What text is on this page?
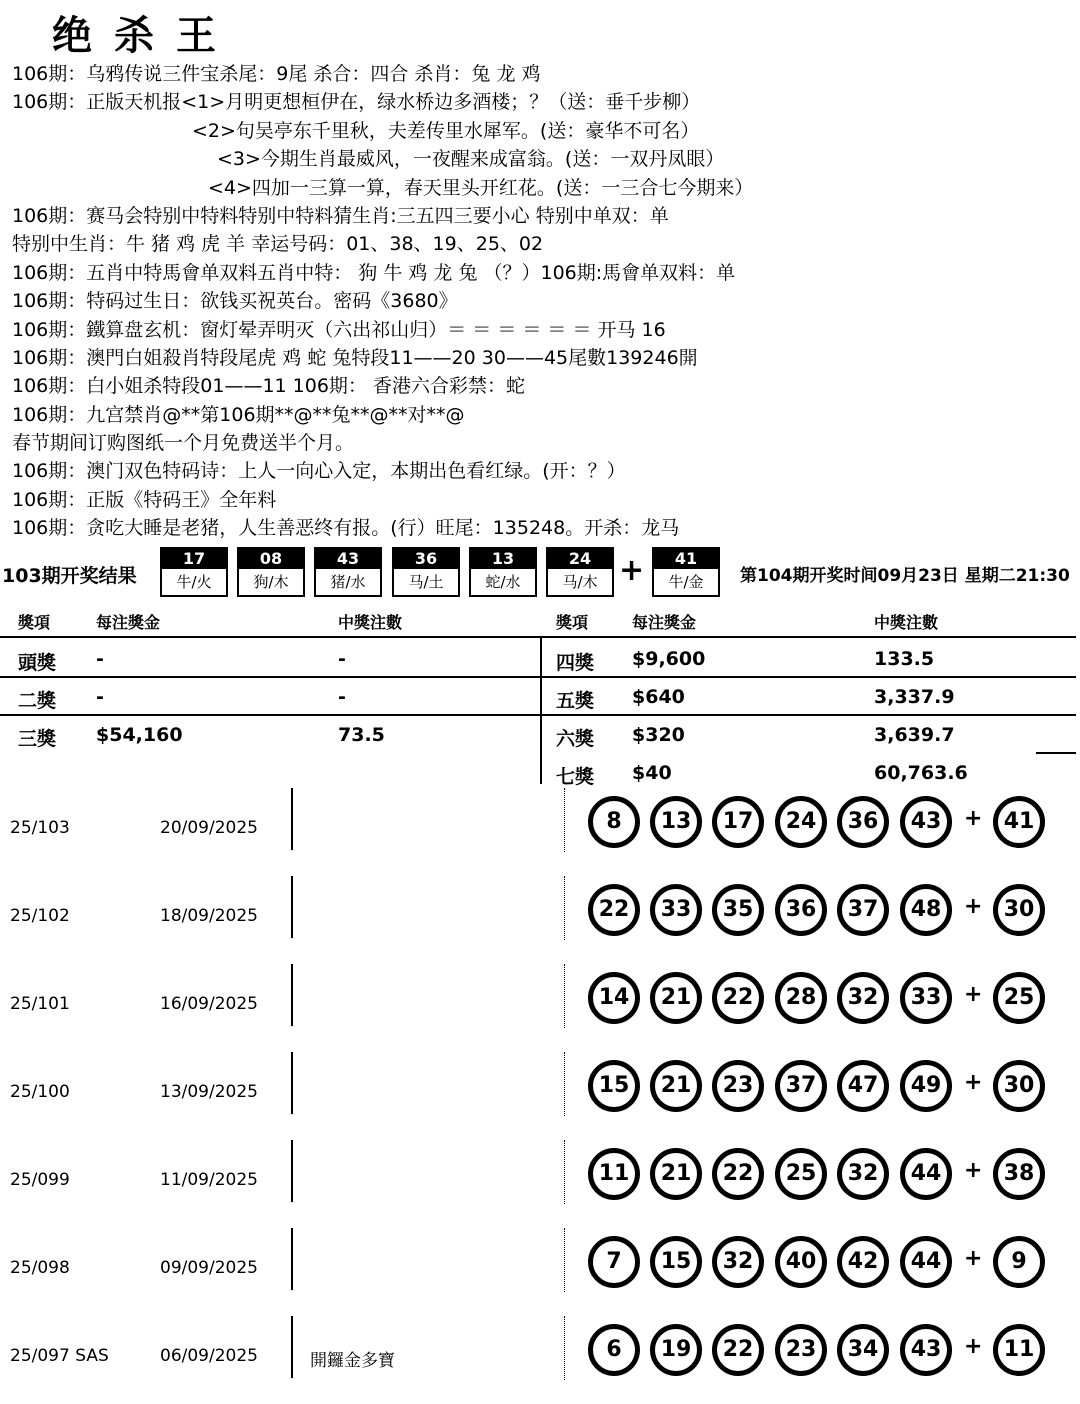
绝杀王
106期：乌鸦传说三件宝杀尾：9尾 杀合：四合 杀肖：兔 龙 鸡
106期：正版天机报<1>月明更想桓伊在，绿水桥边多酒楼；？（送：垂千步柳）
<2>句吴亭东千里秋，夫差传里水犀军。(送：豪华不可名）
<3>今期生肖最威风，一夜醒来成富翁。(送：一双丹凤眼）
<4>四加一三算一算，春天里头开红花。(送：一三合七今期来）
106期：赛马会特别中特料特别中特料猜生肖:三五四三要小心 特别中单双：单
特别中生肖：牛 猪 鸡 虎 羊 幸运号码：01、38、19、25、02
106期：五肖中特馬會单双料五肖中特： 狗 牛 鸡 龙 兔 （？）106期:馬會单双料：单
106期：特码过生日：欲钱买祝英台。密码《3680》
106期：鐵算盘玄机：窗灯晕弄明灭（六出祁山归）＝ ＝ ＝ ＝ ＝ ＝ 开马 16
106期：澳門白姐殺肖特段尾虎 鸡 蛇 兔特段11——20 30——45尾數139246開
106期：白小姐杀特段01——11 106期： 香港六合彩禁：蛇
106期：九宫禁肖@**第106期**@**兔**@**对**@
春节期间订购图纸一个月免费送半个月。
106期：澳门双色特码诗：上人一向心入定，本期出色看红绿。(开：？）
106期：正版《特码王》全年料
106期：贪吃大睡是老猪，人生善恶终有报。(行）旺尾：135248。开杀：龙马
103期开奖结果
17
牛/火
08
狗/木
43
猪/水
36
马/土
13
蛇/水
24
马/木 +	41
牛/金	第104期开奖时间09月23日 星期二21:30
獎項	每注獎金	中獎注數	獎項	每注獎金	中獎注數
頭獎 -	-
二獎 -	-
三獎 $54,160	73.5
四獎 $9,600	133.5
五獎 $640	3,337.9
六獎 $320	3,639.7
七獎 $40	60,763.6
25/103	20/09/2025	8	13	17	24	36	43	+ 41
25/102	18/09/2025	22	33	35	36	37	48	+ 30
25/101	16/09/2025	14	21	22	28	32	33	+ 25
25/100	13/09/2025	15	21	23	37	47	49	+ 30
25/099	11/09/2025	11	21	22	25	32	44	+ 38
25/098	09/09/2025	7	15	32	40	42	44	+	9
25/097 SAS	06/09/2025	開鑼金多寶	6	19	22	23	34	43	+ 11
